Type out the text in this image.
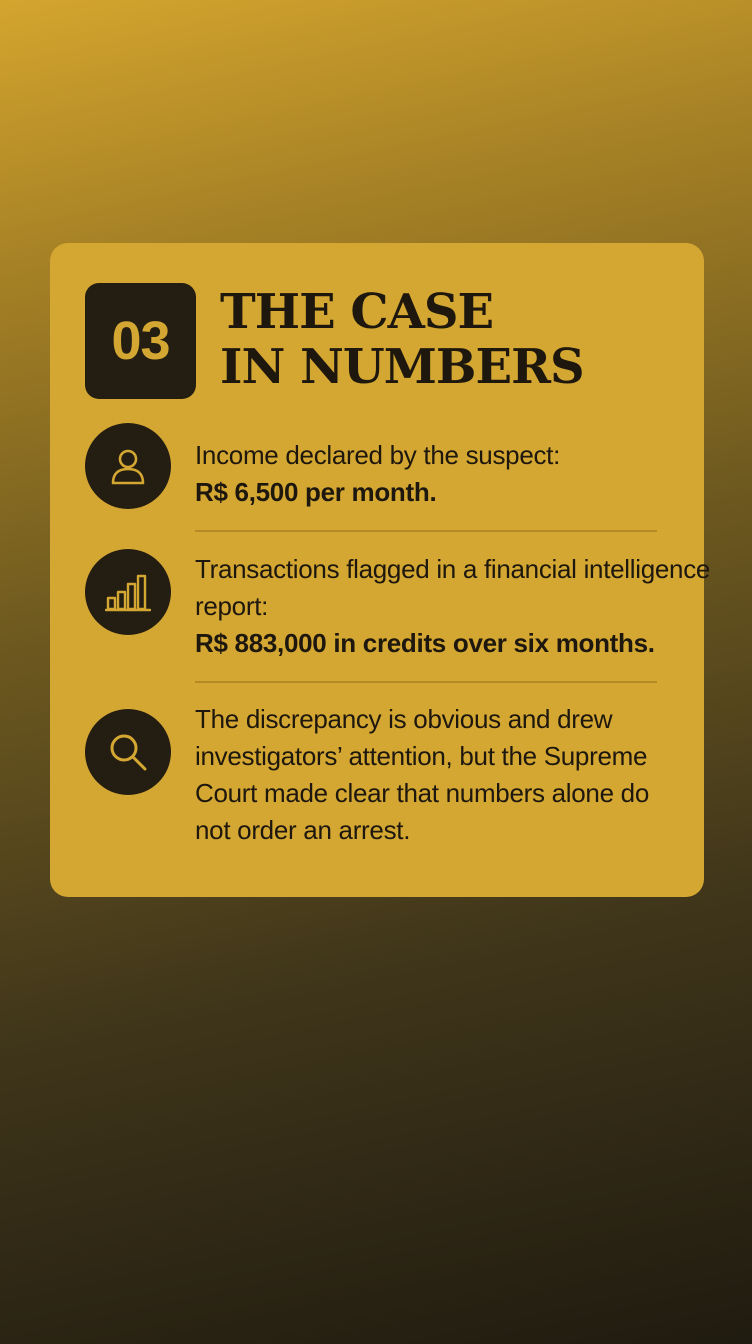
03 THE CASE
IN NUMBERS
Income declared by the suspect:
R$ 6,500 per month.
Transactions flagged in a financial intelligence report:
R$ 883,000 in credits over six months.
The discrepancy is obvious and drew investigators’ attention, but the Supreme Court made clear that numbers alone do not order an arrest.
